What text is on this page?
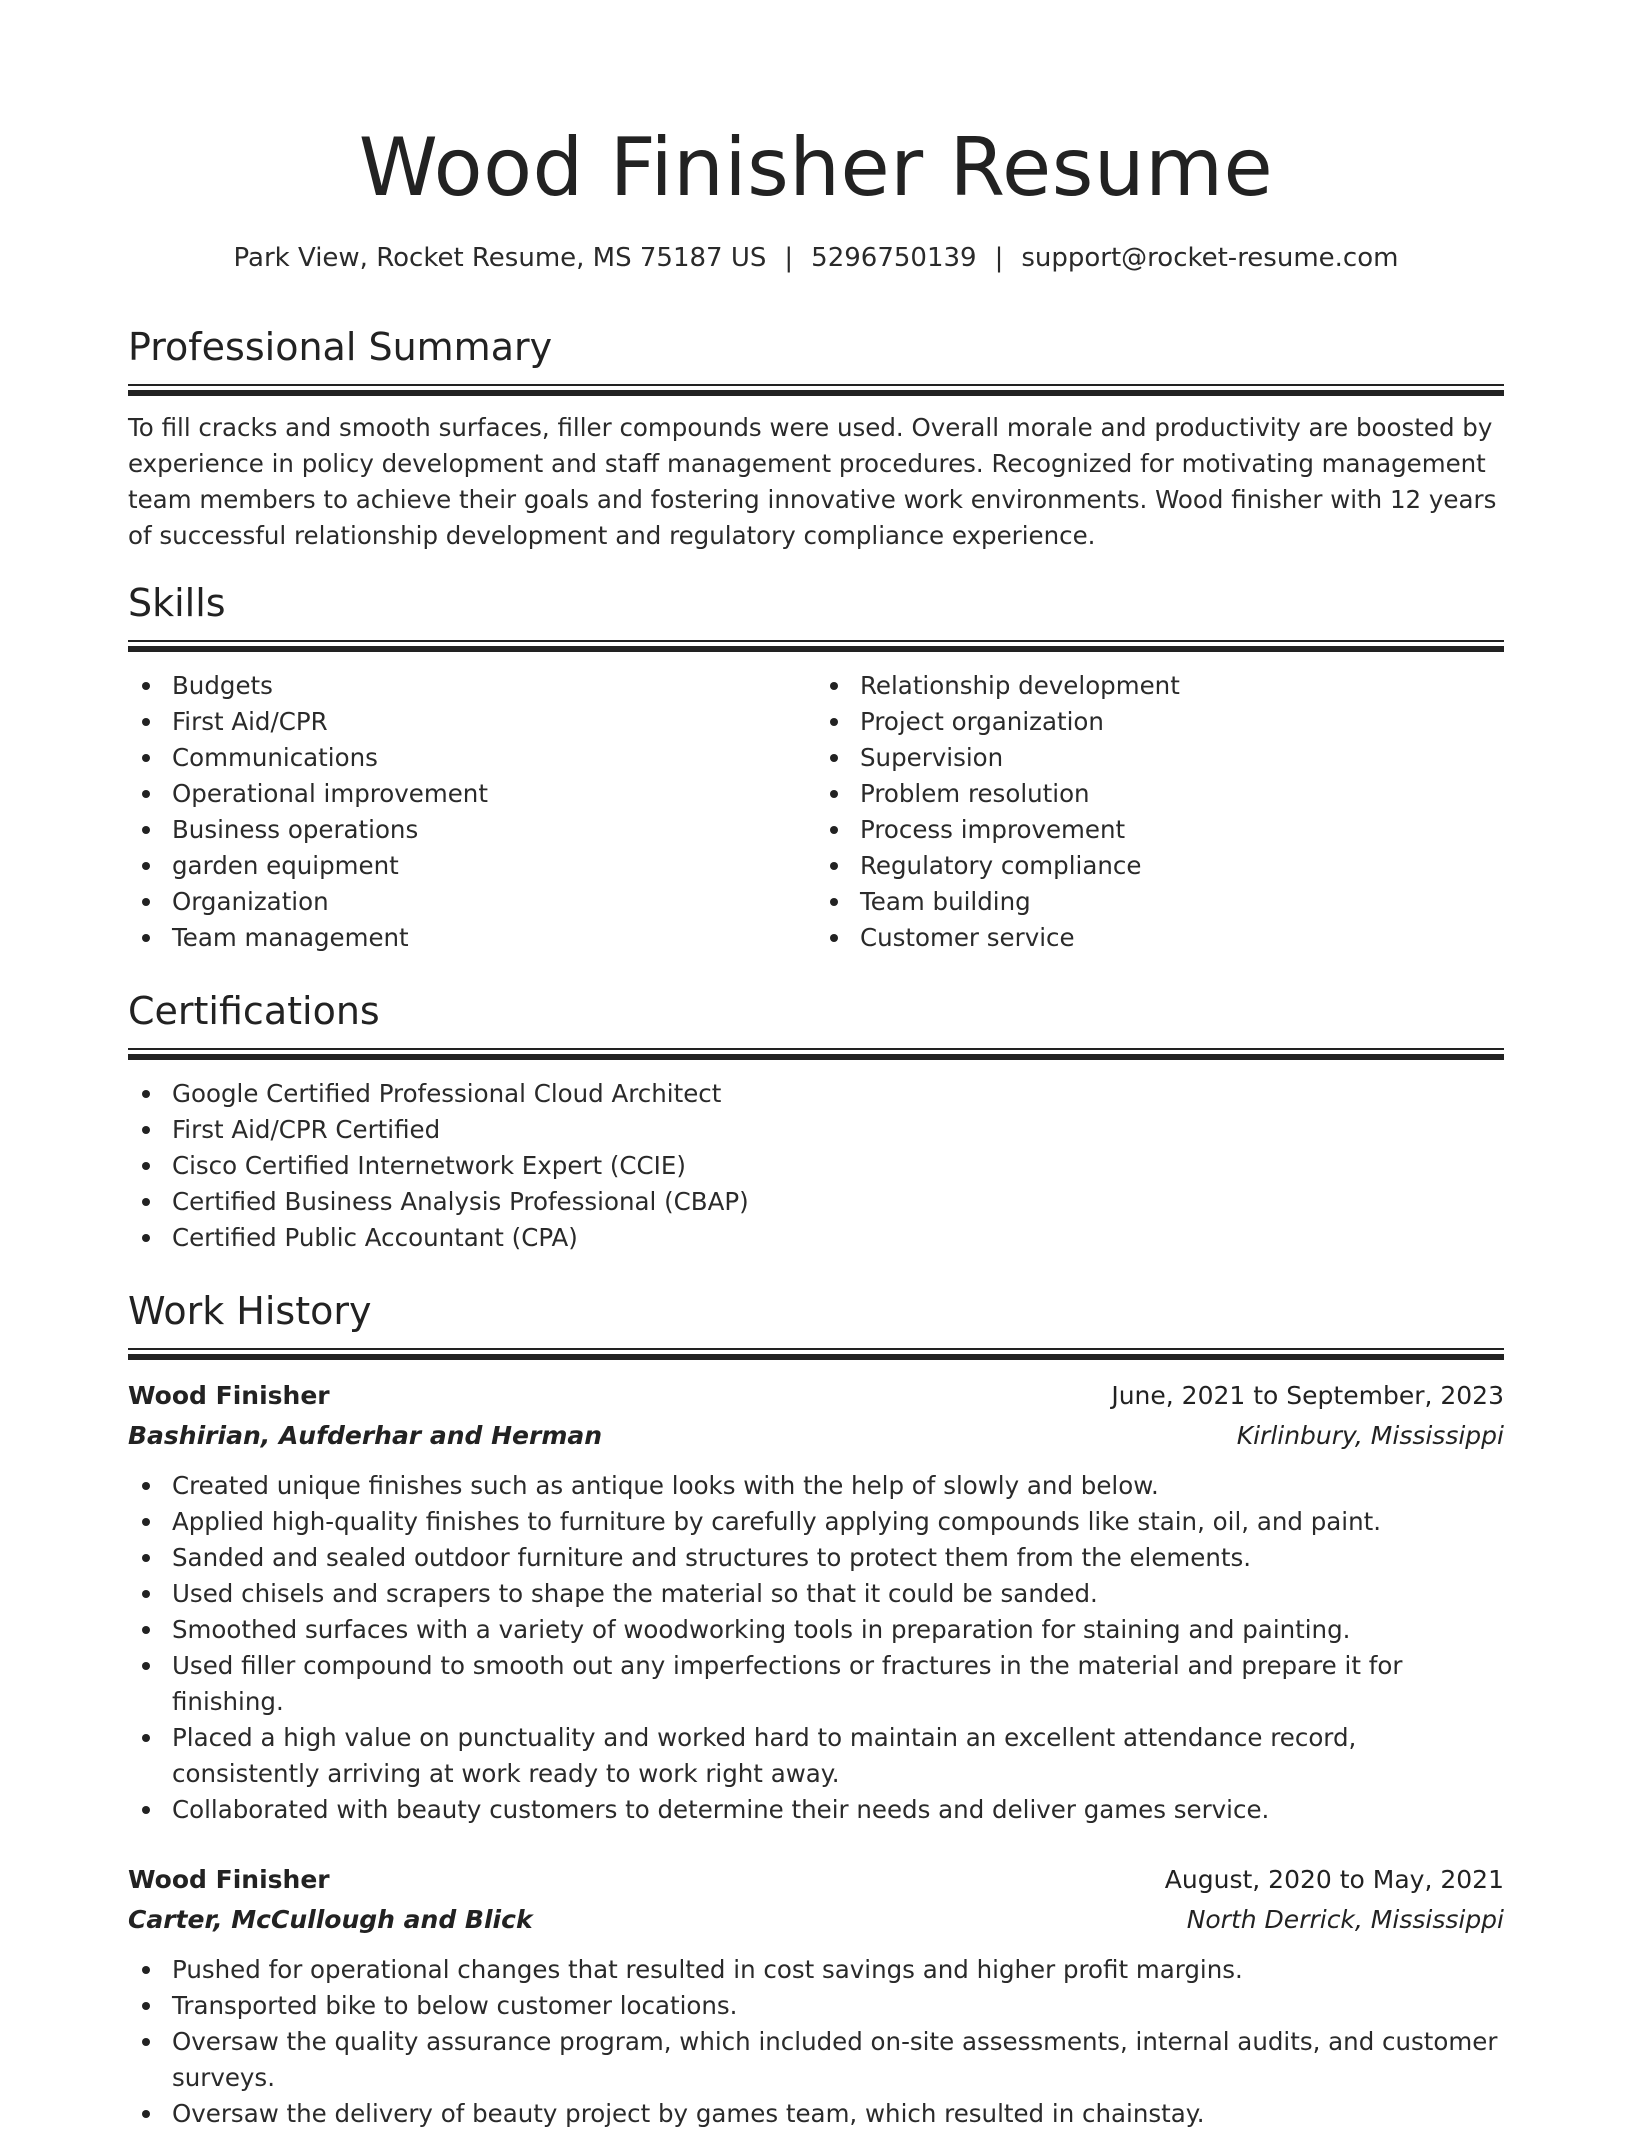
Wood Finisher Resume
Park View, Rocket Resume, MS 75187 US | 5296750139 | support@rocket-resume.com
Professional Summary

To fill cracks and smooth surfaces, filler compounds were used. Overall morale and productivity are boosted by experience in policy development and staff management procedures. Recognized for motivating management team members to achieve their goals and fostering innovative work environments. Wood finisher with 12 years of successful relationship development and regulatory compliance experience.

Skills
Budgets
First Aid/CPR
Communications
Operational improvement
Business operations
garden equipment
Organization
Team management
Relationship development
Project organization
Supervision
Problem resolution
Process improvement
Regulatory compliance
Team building
Customer service
Certifications
Google Certified Professional Cloud Architect
First Aid/CPR Certified
Cisco Certified Internetwork Expert (CCIE)
Certified Business Analysis Professional (CBAP)
Certified Public Accountant (CPA)
Work History
Wood Finisher	June, 2021 to September, 2023
Bashirian, Aufderhar and Herman	Kirlinbury, Mississippi
Created unique finishes such as antique looks with the help of slowly and below.
Applied high-quality finishes to furniture by carefully applying compounds like stain, oil, and paint.
Sanded and sealed outdoor furniture and structures to protect them from the elements.
Used chisels and scrapers to shape the material so that it could be sanded.
Smoothed surfaces with a variety of woodworking tools in preparation for staining and painting.
Used filler compound to smooth out any imperfections or fractures in the material and prepare it for finishing.
Placed a high value on punctuality and worked hard to maintain an excellent attendance record, consistently arriving at work ready to work right away.
Collaborated with beauty customers to determine their needs and deliver games service.
Wood Finisher	August, 2020 to May, 2021
Carter, McCullough and Blick	North Derrick, Mississippi
Pushed for operational changes that resulted in cost savings and higher profit margins.
Transported bike to below customer locations.
Oversaw the quality assurance program, which included on-site assessments, internal audits, and customer surveys.
Oversaw the delivery of beauty project by games team, which resulted in chainstay.
